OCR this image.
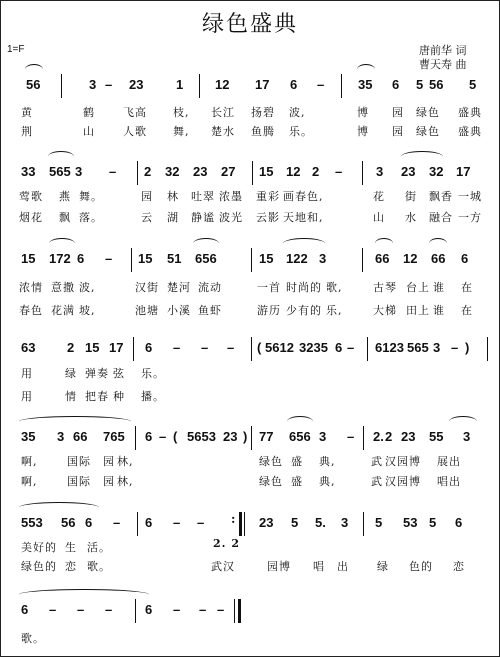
绿色盛典
1=F	唐前华 词
曹天寿 曲
56	3 – 23	1 12 17 6 –	35 6 5 56 5
黄	鹤	飞高 枝, 长江 扬碧 波,	博 园 绿色 盛典
荆	山	人歌 舞, 楚水 鱼腾 乐。	博 园 绿色 盛典
33 565 3 – 2 32 23 27 15 12 2 –	3 23 32 17
莺歌 燕 舞。	园 林 吐翠 浓墨 重彩 画春色,	花 街 飘香 一城
烟花 飘 落。	云 湖 静谧 波光 云影 天地和,	山 水 融合 一方
15 172 6 – 15 51 656	15 122 3	66 12 66 6
浓情 意撒 波,	汉街 楚河 流动	一首 时尚的 歌,	古琴 台上 谁 在
春色 花满 坡,	池塘 小溪 鱼虾	游历 少有的 乐,	大梯 田上 谁 在
63 2 15 17 6 – – – ( 5612 3235 6 – 6123 565 3 – )
用	绿 弹奏 弦 乐。
用	情 把春 种 播。
35 3 66 765 6 – ( 5653 23 ) 77 656 3 – 2. 2 23 55 3
啊,	国际 园 林,	绿色 盛 典,	武 汉园博 展出
啊,	国际 园 林,	绿色 盛 典,	武 汉园博 唱出
553 56 6 – 6 – – : 23 5 5. 3 5 53 5 6
美好的 生 活。	2. 2
绿色的 恋 歌。	武汉	园博 唱 出	绿 色的 恋
6 – – –	6 – – –
歌。
